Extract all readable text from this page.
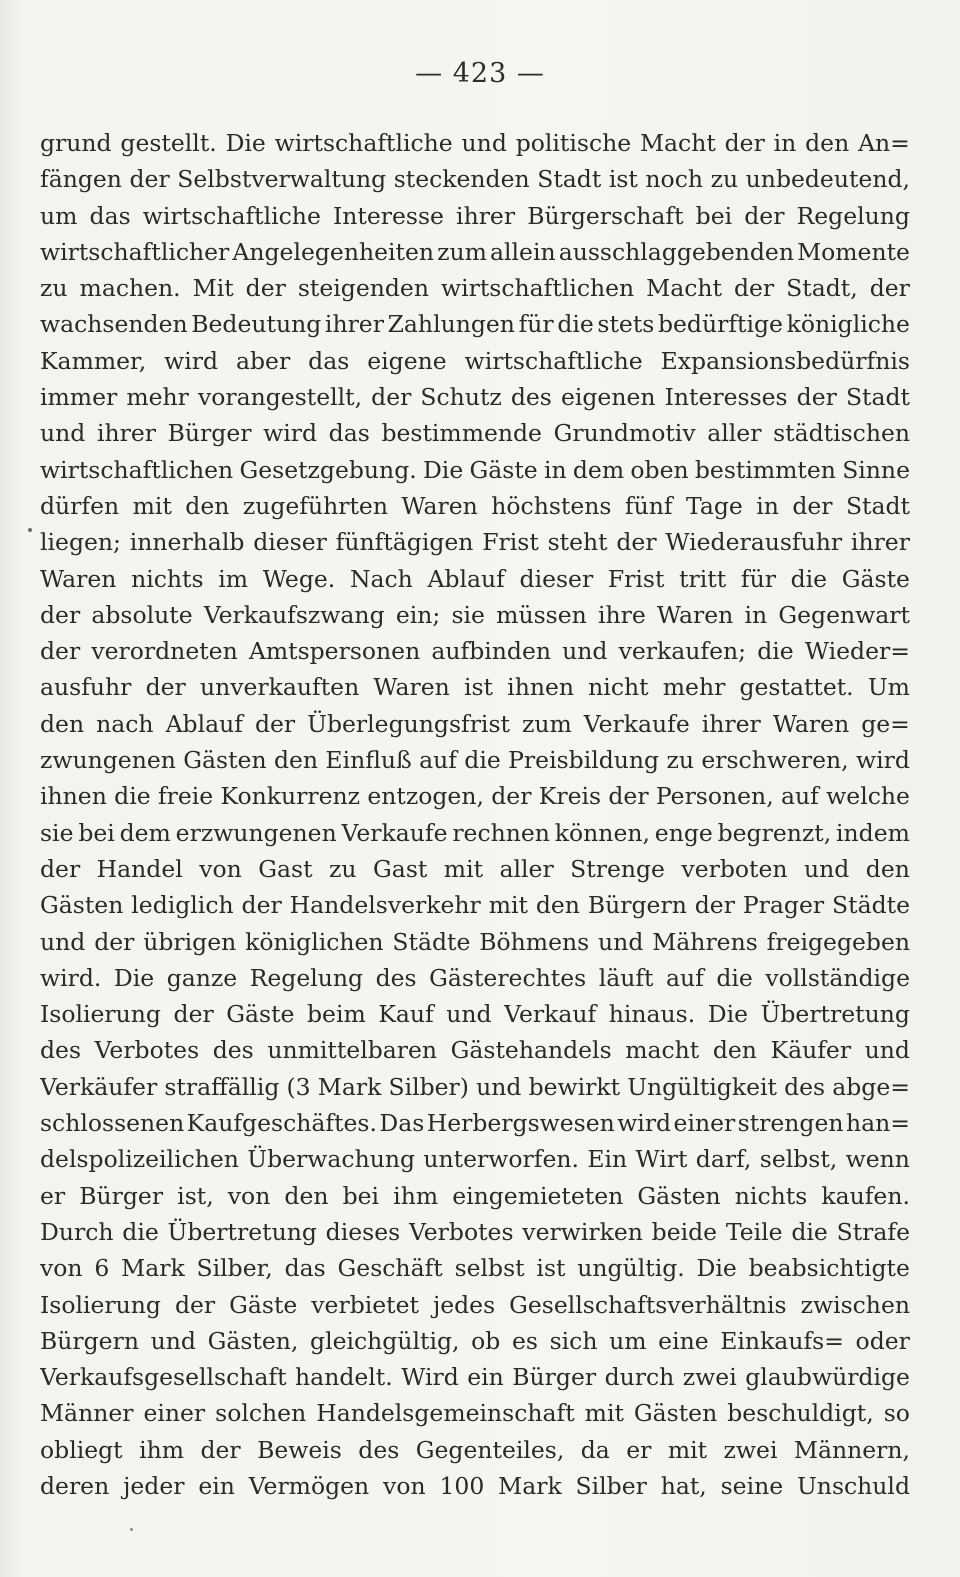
— 423 —
grund gestellt. Die wirtschaftliche und politische Macht der in den An=
fängen der Selbstverwaltung steckenden Stadt ist noch zu unbedeutend,
um das wirtschaftliche Interesse ihrer Bürgerschaft bei der Regelung
wirtschaftlicher Angelegenheiten zum allein ausschlaggebenden Momente
zu machen. Mit der steigenden wirtschaftlichen Macht der Stadt, der
wachsenden Bedeutung ihrer Zahlungen für die stets bedürftige königliche
Kammer, wird aber das eigene wirtschaftliche Expansionsbedürfnis
immer mehr vorangestellt, der Schutz des eigenen Interesses der Stadt
und ihrer Bürger wird das bestimmende Grundmotiv aller städtischen
wirtschaftlichen Gesetzgebung. Die Gäste in dem oben bestimmten Sinne
dürfen mit den zugeführten Waren höchstens fünf Tage in der Stadt
liegen; innerhalb dieser fünftägigen Frist steht der Wiederausfuhr ihrer
Waren nichts im Wege. Nach Ablauf dieser Frist tritt für die Gäste
der absolute Verkaufszwang ein; sie müssen ihre Waren in Gegenwart
der verordneten Amtspersonen aufbinden und verkaufen; die Wieder=
ausfuhr der unverkauften Waren ist ihnen nicht mehr gestattet. Um
den nach Ablauf der Überlegungsfrist zum Verkaufe ihrer Waren ge=
zwungenen Gästen den Einfluß auf die Preisbildung zu erschweren, wird
ihnen die freie Konkurrenz entzogen, der Kreis der Personen, auf welche
sie bei dem erzwungenen Verkaufe rechnen können, enge begrenzt, indem
der Handel von Gast zu Gast mit aller Strenge verboten und den
Gästen lediglich der Handelsverkehr mit den Bürgern der Prager Städte
und der übrigen königlichen Städte Böhmens und Mährens freigegeben
wird. Die ganze Regelung des Gästerechtes läuft auf die vollständige
Isolierung der Gäste beim Kauf und Verkauf hinaus. Die Übertretung
des Verbotes des unmittelbaren Gästehandels macht den Käufer und
Verkäufer straffällig (3 Mark Silber) und bewirkt Ungültigkeit des abge=
schlossenen Kaufgeschäftes. Das Herbergswesen wird einer strengen han=
delspolizeilichen Überwachung unterworfen. Ein Wirt darf, selbst, wenn
er Bürger ist, von den bei ihm eingemieteten Gästen nichts kaufen.
Durch die Übertretung dieses Verbotes verwirken beide Teile die Strafe
von 6 Mark Silber, das Geschäft selbst ist ungültig. Die beabsichtigte
Isolierung der Gäste verbietet jedes Gesellschaftsverhältnis zwischen
Bürgern und Gästen, gleichgültig, ob es sich um eine Einkaufs= oder
Verkaufsgesellschaft handelt. Wird ein Bürger durch zwei glaubwürdige
Männer einer solchen Handelsgemeinschaft mit Gästen beschuldigt, so
obliegt ihm der Beweis des Gegenteiles, da er mit zwei Männern,
deren jeder ein Vermögen von 100 Mark Silber hat, seine Unschuld
